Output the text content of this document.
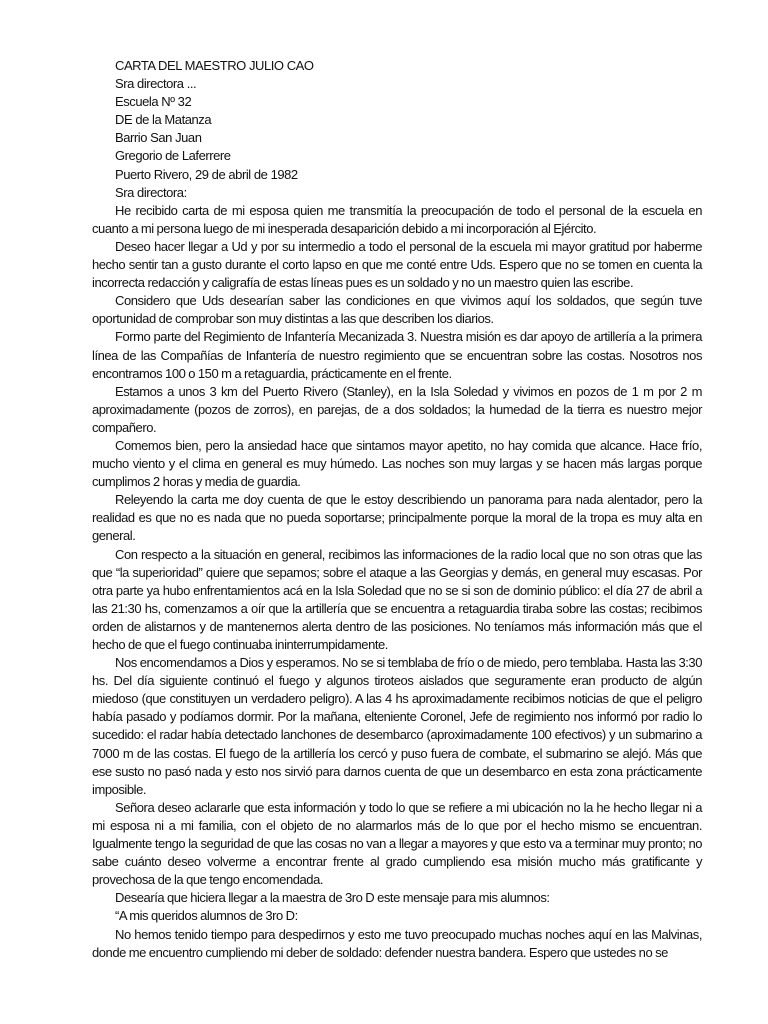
CARTA DEL MAESTRO JULIO CAO
Sra directora ...
Escuela Nº 32
DE de la Matanza
Barrio San Juan
Gregorio de Laferrere
Puerto Rivero, 29 de abril de 1982
Sra directora:

He recibido carta de mi esposa quien me transmitía la preocupación de todo el personal de la escuela en cuanto a mi persona luego de mi inesperada desaparición debido a mi incorporación al Ejército.

Deseo hacer llegar a Ud y por su intermedio a todo el personal de la escuela mi mayor gratitud por haberme hecho sentir tan a gusto durante el corto lapso en que me conté entre Uds. Espero que no se tomen en cuenta la incorrecta redacción y caligrafía de estas líneas pues es un soldado y no un maestro quien las escribe.

Considero que Uds desearían saber las condiciones en que vivimos aquí los soldados, que según tuve oportunidad de comprobar son muy distintas a las que describen los diarios.

Formo parte del Regimiento de Infantería Mecanizada 3. Nuestra misión es dar apoyo de artillería a la primera línea de las Compañías de Infantería de nuestro regimiento que se encuentran sobre las costas. Nosotros nos encontramos 100 o 150 m a retaguardia, prácticamente en el frente.

Estamos a unos 3 km del Puerto Rivero (Stanley), en la Isla Soledad y vivimos en pozos de 1 m por 2 m aproximadamente (pozos de zorros), en parejas, de a dos soldados; la humedad de la tierra es nuestro mejor compañero.

Comemos bien, pero la ansiedad hace que sintamos mayor apetito, no hay comida que alcance. Hace frío, mucho viento y el clima en general es muy húmedo. Las noches son muy largas y se hacen más largas porque cumplimos 2 horas y media de guardia.

Releyendo la carta me doy cuenta de que le estoy describiendo un panorama para nada alentador, pero la realidad es que no es nada que no pueda soportarse; principalmente porque la moral de la tropa es muy alta en general.

Con respecto a la situación en general, recibimos las informaciones de la radio local que no son otras que las que “la superioridad” quiere que sepamos; sobre el ataque a las Georgias y demás, en general muy escasas. Por otra parte ya hubo enfrentamientos acá en la Isla Soledad que no se si son de dominio público: el día 27 de abril a las 21:30 hs, comenzamos a oír que la artillería que se encuentra a retaguardia tiraba sobre las costas; recibimos orden de alistarnos y de mantenernos alerta dentro de las posiciones. No teníamos más información más que el hecho de que el fuego continuaba ininterrumpidamente.

Nos encomendamos a Dios y esperamos. No se si temblaba de frío o de miedo, pero temblaba. Hasta las 3:30 hs. Del día siguiente continuó el fuego y algunos tiroteos aislados que seguramente eran producto de algún miedoso (que constituyen un verdadero peligro). A las 4 hs aproximadamente recibimos noticias de que el peligro había pasado y podíamos dormir. Por la mañana, elteniente Coronel, Jefe de regimiento nos informó por radio lo sucedido: el radar había detectado lanchones de desembarco (aproximadamente 100 efectivos) y un submarino a 7000 m de las costas. El fuego de la artillería los cercó y puso fuera de combate, el submarino se alejó. Más que ese susto no pasó nada y esto nos sirvió para darnos cuenta de que un desembarco en esta zona prácticamente imposible.

Señora deseo aclararle que esta información y todo lo que se refiere a mi ubicación no la he hecho llegar ni a mi esposa ni a mi familia, con el objeto de no alarmarlos más de lo que por el hecho mismo se encuentran. Igualmente tengo la seguridad de que las cosas no van a llegar a mayores y que esto va a terminar muy pronto; no sabe cuánto deseo volverme a encontrar frente al grado cumpliendo esa misión mucho más gratificante y provechosa de la que tengo encomendada.

Desearía que hiciera llegar a la maestra de 3ro D este mensaje para mis alumnos:

“A mis queridos alumnos de 3ro D:

No hemos tenido tiempo para despedirnos y esto me tuvo preocupado muchas noches aquí en las Malvinas, donde me encuentro cumpliendo mi deber de soldado: defender nuestra bandera. Espero que ustedes no se
